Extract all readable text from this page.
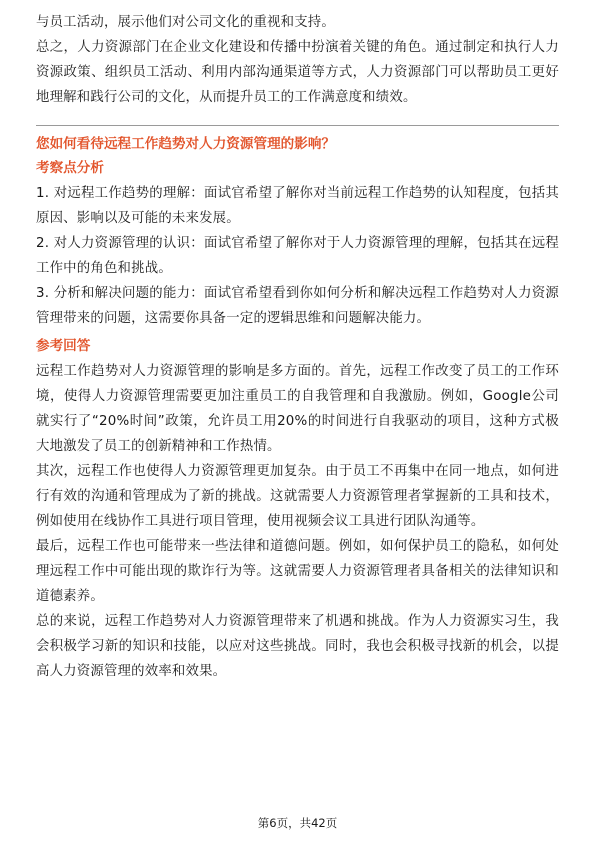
与员工活动，展示他们对公司文化的重视和支持。

总之，人力资源部门在企业文化建设和传播中扮演着关键的角色。通过制定和执行人力资源政策、组织员工活动、利用内部沟通渠道等方式，人力资源部门可以帮助员工更好地理解和践行公司的文化，从而提升员工的工作满意度和绩效。

您如何看待远程工作趋势对人力资源管理的影响？
考察点分析

1. 对远程工作趋势的理解：面试官希望了解你对当前远程工作趋势的认知程度，包括其原因、影响以及可能的未来发展。

2. 对人力资源管理的认识：面试官希望了解你对于人力资源管理的理解，包括其在远程工作中的角色和挑战。

3. 分析和解决问题的能力：面试官希望看到你如何分析和解决远程工作趋势对人力资源管理带来的问题，这需要你具备一定的逻辑思维和问题解决能力。

参考回答

远程工作趋势对人力资源管理的影响是多方面的。首先，远程工作改变了员工的工作环境，使得人力资源管理需要更加注重员工的自我管理和自我激励。例如，Google公司就实行了“20%时间”政策，允许员工用20%的时间进行自我驱动的项目，这种方式极大地激发了员工的创新精神和工作热情。

其次，远程工作也使得人力资源管理更加复杂。由于员工不再集中在同一地点，如何进行有效的沟通和管理成为了新的挑战。这就需要人力资源管理者掌握新的工具和技术，例如使用在线协作工具进行项目管理，使用视频会议工具进行团队沟通等。

最后，远程工作也可能带来一些法律和道德问题。例如，如何保护员工的隐私，如何处理远程工作中可能出现的欺诈行为等。这就需要人力资源管理者具备相关的法律知识和道德素养。

总的来说，远程工作趋势对人力资源管理带来了机遇和挑战。作为人力资源实习生，我会积极学习新的知识和技能，以应对这些挑战。同时，我也会积极寻找新的机会，以提高人力资源管理的效率和效果。

第6页，共42页
